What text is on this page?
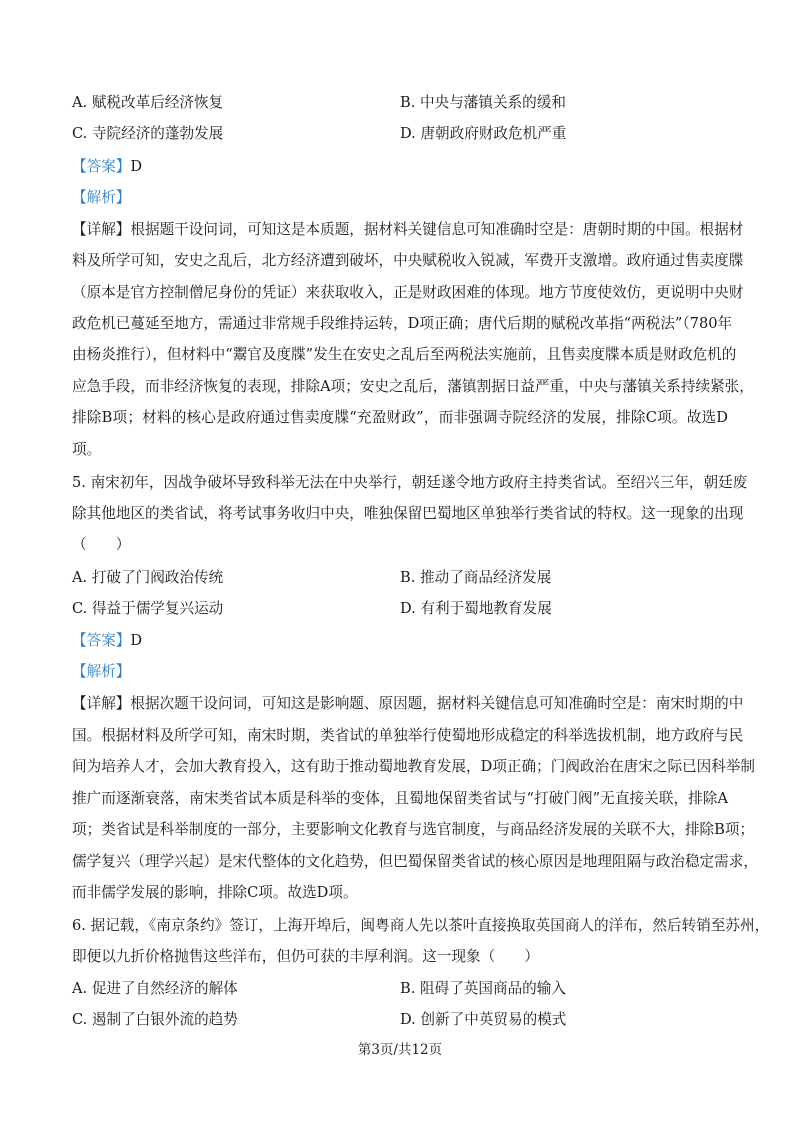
A. 赋税改革后经济恢复	B. 中央与藩镇关系的缓和
C. 寺院经济的蓬勃发展	D. 唐朝政府财政危机严重
【答案】D
【解析】
【详解】根据题干设问词，可知这是本质题，据材料关键信息可知准确时空是：唐朝时期的中国。根据材
料及所学可知，安史之乱后，北方经济遭到破坏，中央赋税收入锐减，军费开支激增。政府通过售卖度牒
（原本是官方控制僧尼身份的凭证）来获取收入，正是财政困难的体现。地方节度使效仿，更说明中央财
政危机已蔓延至地方，需通过非常规手段维持运转，D项正确；唐代后期的赋税改革指“两税法”（780年
由杨炎推行），但材料中“鬻官及度牒”发生在安史之乱后至两税法实施前，且售卖度牒本质是财政危机的
应急手段，而非经济恢复的表现，排除A项；安史之乱后，藩镇割据日益严重，中央与藩镇关系持续紧张，
排除B项；材料的核心是政府通过售卖度牒“充盈财政”，而非强调寺院经济的发展，排除C项。故选D
项。
5. 南宋初年，因战争破坏导致科举无法在中央举行，朝廷遂令地方政府主持类省试。至绍兴三年，朝廷废
除其他地区的类省试，将考试事务收归中央，唯独保留巴蜀地区单独举行类省试的特权。这一现象的出现
（　　）
A. 打破了门阀政治传统	B. 推动了商品经济发展
C. 得益于儒学复兴运动	D. 有利于蜀地教育发展
【答案】D
【解析】
【详解】根据次题干设问词，可知这是影响题、原因题，据材料关键信息可知准确时空是：南宋时期的中
国。根据材料及所学可知，南宋时期，类省试的单独举行使蜀地形成稳定的科举选拔机制，地方政府与民
间为培养人才，会加大教育投入，这有助于推动蜀地教育发展，D项正确；门阀政治在唐宋之际已因科举制
推广而逐渐衰落，南宋类省试本质是科举的变体，且蜀地保留类省试与“打破门阀”无直接关联，排除A
项；类省试是科举制度的一部分，主要影响文化教育与选官制度，与商品经济发展的关联不大，排除B项；
儒学复兴（理学兴起）是宋代整体的文化趋势，但巴蜀保留类省试的核心原因是地理阻隔与政治稳定需求，
而非儒学发展的影响，排除C项。故选D项。
6. 据记载，《南京条约》签订，上海开埠后，闽粤商人先以茶叶直接换取英国商人的洋布，然后转销至苏州，
即便以九折价格抛售这些洋布，但仍可获的丰厚利润。这一现象（　　）
A. 促进了自然经济的解体	B. 阻碍了英国商品的输入
C. 遏制了白银外流的趋势	D. 创新了中英贸易的模式
第3页/共12页
